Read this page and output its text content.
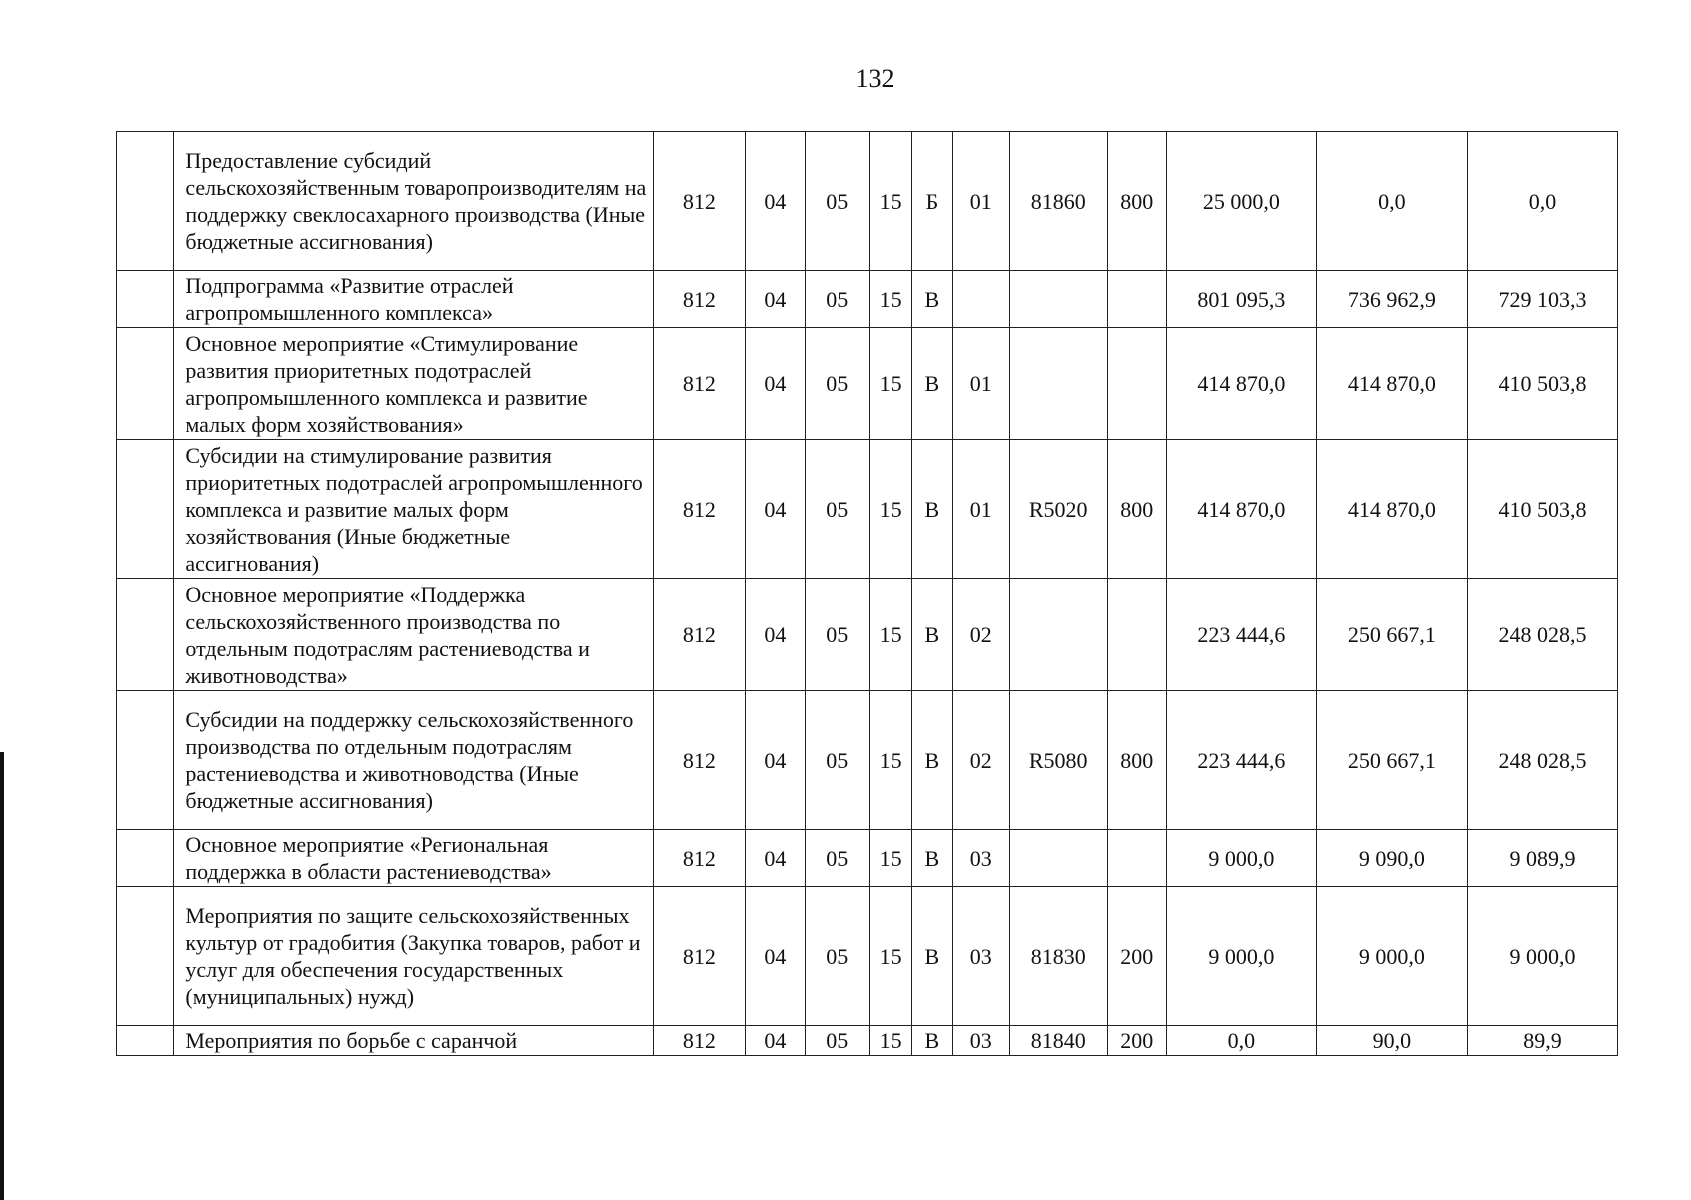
132
	Предоставление субсидий сельскохозяйственным товаропроизводителям на поддержку свеклосахарного производства (Иные бюджетные ассигнования)	812	04	05	15	Б	01	81860	800	25 000,0	0,0	0,0
	Подпрограмма «Развитие отраслей агропромышленного комплекса»	812	04	05	15	В				801 095,3	736 962,9	729 103,3
	Основное мероприятие «Стимулирование развития приоритетных подотраслей агропромышленного комплекса и развитие малых форм хозяйствования»	812	04	05	15	В	01			414 870,0	414 870,0	410 503,8
	Субсидии на стимулирование развития приоритетных подотраслей агропромышленного комплекса и развитие малых форм хозяйствования (Иные бюджетные ассигнования)	812	04	05	15	В	01	R5020	800	414 870,0	414 870,0	410 503,8
	Основное мероприятие «Поддержка сельскохозяйственного производства по отдельным подотраслям растениеводства и животноводства»	812	04	05	15	В	02			223 444,6	250 667,1	248 028,5
	Субсидии на поддержку сельскохозяйственного производства по отдельным подотраслям растениеводства и животноводства (Иные бюджетные ассигнования)	812	04	05	15	В	02	R5080	800	223 444,6	250 667,1	248 028,5
	Основное мероприятие «Региональная поддержка в области растениеводства»	812	04	05	15	В	03			9 000,0	9 090,0	9 089,9
	Мероприятия по защите сельскохозяйственных культур от градобития (Закупка товаров, работ и услуг для обеспечения государственных (муниципальных) нужд)	812	04	05	15	В	03	81830	200	9 000,0	9 000,0	9 000,0
	Мероприятия по борьбе с саранчой	812	04	05	15	В	03	81840	200	0,0	90,0	89,9
